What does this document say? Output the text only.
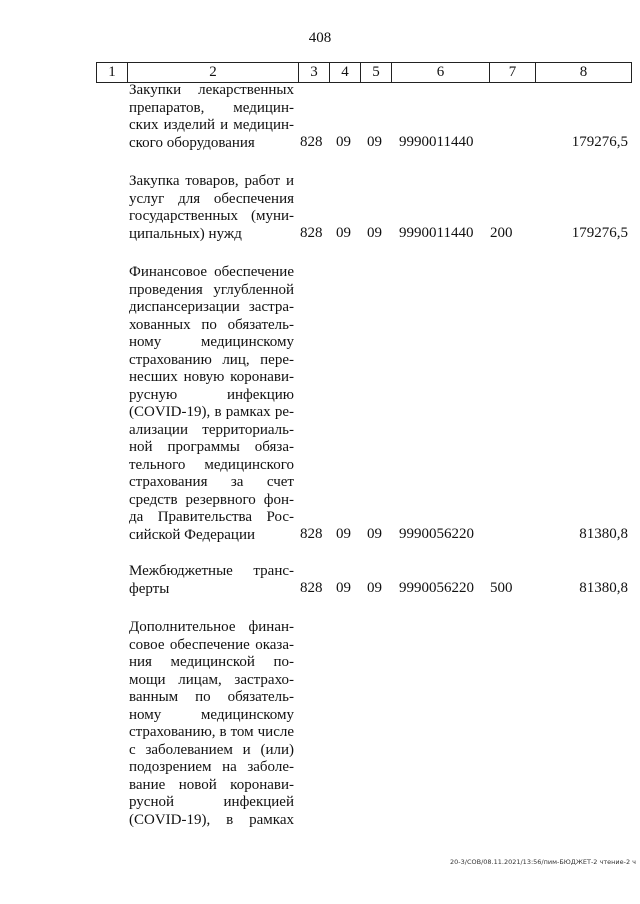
408
1	2	3	4	5	6	7	8
Закупки лекарственных
препаратов, медицин-
ских изделий и медицин-
ского оборудования	828 09 09 9990011440	179276,5
Закупка товаров, работ и
услуг для обеспечения
государственных (муни-
ципальных) нужд	828 09 09 9990011440 200	179276,5
Финансовое обеспечение
проведения углубленной
диспансеризации застра-
хованных по обязатель-
ному медицинскому
страхованию лиц, пере-
несших новую коронави-
русную инфекцию
(COVID-19), в рамках ре-
ализации территориаль-
ной программы обяза-
тельного медицинского
страхования за счет
средств резервного фон-
да Правительства Рос-
сийской Федерации	828 09 09 9990056220	81380,8
Межбюджетные транс-
ферты	828 09 09 9990056220 500	81380,8
Дополнительное финан-
совое обеспечение оказа-
ния медицинской по-
мощи лицам, застрахо-
ванным по обязатель-
ному медицинскому
страхованию, в том числе
с заболеванием и (или)
подозрением на заболе-
вание новой коронави-
русной инфекцией
(COVID-19), в рамках
20-3/СОВ/08.11.2021/13:56/пим-БЮДЖЕТ-2 чтение-2 ч
